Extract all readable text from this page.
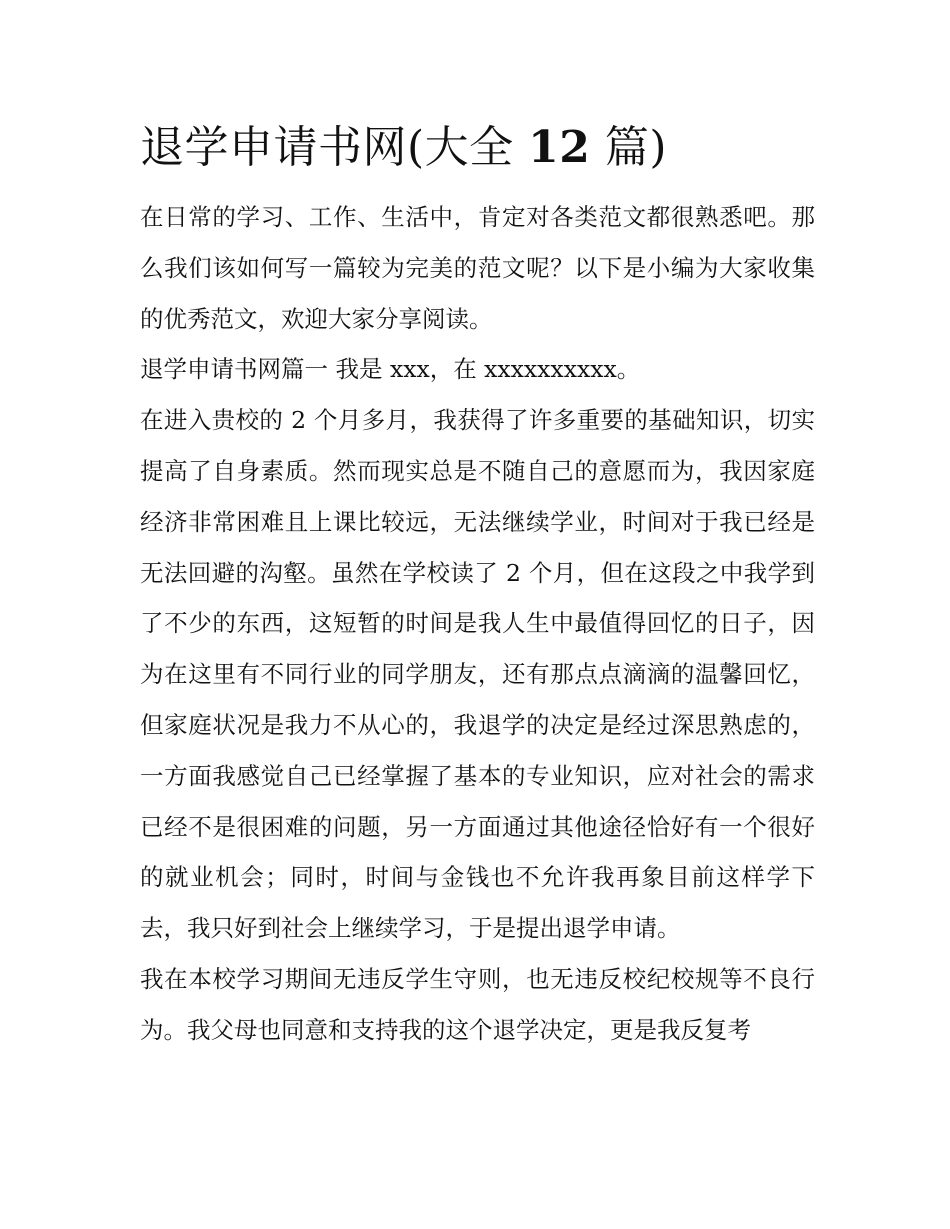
退学申请书网(大全 12 篇)

在日常的学习、工作、生活中，肯定对各类范文都很熟悉吧。那么我们该如何写一篇较为完美的范文呢？以下是小编为大家收集的优秀范文，欢迎大家分享阅读。

退学申请书网篇一 我是 xxx，在 xxxxxxxxxx。

在进入贵校的 2 个月多月，我获得了许多重要的基础知识，切实提高了自身素质。然而现实总是不随自己的意愿而为，我因家庭经济非常困难且上课比较远，无法继续学业，时间对于我已经是无法回避的沟壑。虽然在学校读了 2 个月，但在这段之中我学到了不少的东西，这短暂的时间是我人生中最值得回忆的日子，因为在这里有不同行业的同学朋友，还有那点点滴滴的温馨回忆，但家庭状况是我力不从心的，我退学的决定是经过深思熟虑的，一方面我感觉自己已经掌握了基本的专业知识，应对社会的需求已经不是很困难的问题，另一方面通过其他途径恰好有一个很好的就业机会；同时，时间与金钱也不允许我再象目前这样学下去，我只好到社会上继续学习，于是提出退学申请。

我在本校学习期间无违反学生守则，也无违反校纪校规等不良行为。我父母也同意和支持我的这个退学决定，更是我反复考
